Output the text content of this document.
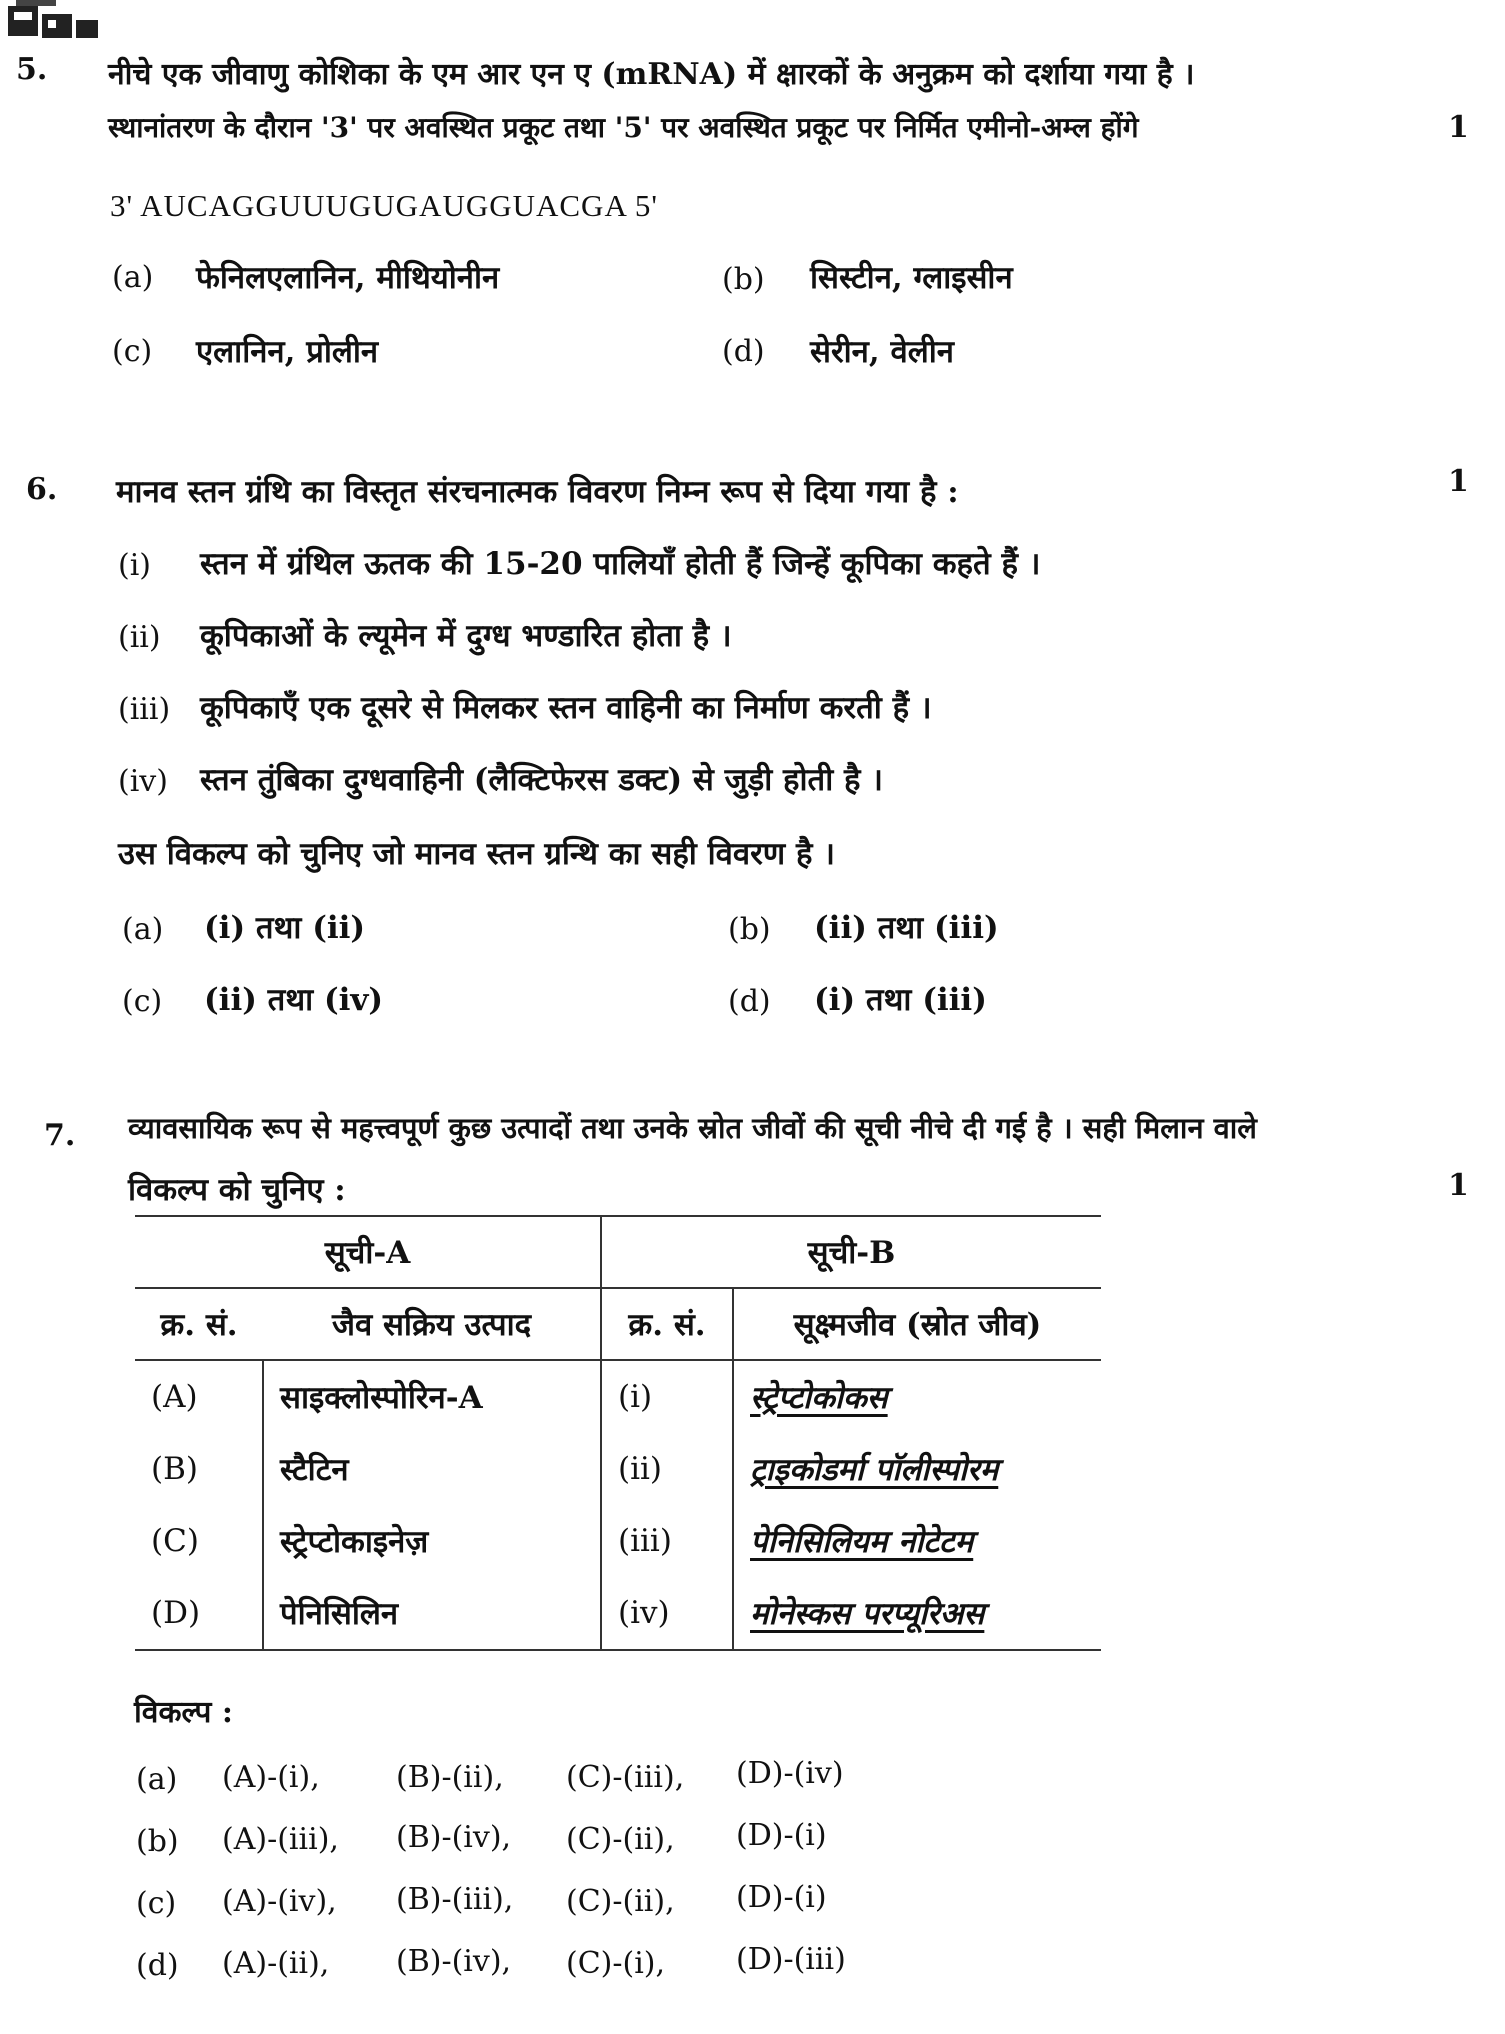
5. नीचे एक जीवाणु कोशिका के एम आर एन ए (mRNA) में क्षारकों के अनुक्रम को दर्शाया गया है ।
स्थानांतरण के दौरान '3' पर अवस्थित प्रकूट तथा '5' पर अवस्थित प्रकूट पर निर्मित एमीनो-अम्ल होंगे	1
3' AUCAGGUUUGUGAUGGUACGA 5'
(a) फेनिलएलानिन, मीथियोनीन	(b) सिस्टीन, ग्लाइसीन
(c) एलानिन, प्रोलीन	(d) सेरीन, वेलीन
6. मानव स्तन ग्रंथि का विस्तृत संरचनात्मक विवरण निम्न रूप से दिया गया है :	1
(i) स्तन में ग्रंथिल ऊतक की 15-20 पालियाँ होती हैं जिन्हें कूपिका कहते हैं ।
(ii) कूपिकाओं के ल्यूमेन में दुग्ध भण्डारित होता है ।
(iii) कूपिकाएँ एक दूसरे से मिलकर स्तन वाहिनी का निर्माण करती हैं ।
(iv) स्तन तुंबिका दुग्धवाहिनी (लैक्टिफेरस डक्ट) से जुड़ी होती है ।
उस विकल्प को चुनिए जो मानव स्तन ग्रन्थि का सही विवरण है ।
(a) (i) तथा (ii)	(b) (ii) तथा (iii)
(c) (ii) तथा (iv)	(d) (i) तथा (iii)
7. व्यावसायिक रूप से महत्त्वपूर्ण कुछ उत्पादों तथा उनके स्रोत जीवों की सूची नीचे दी गई है । सही मिलान वाले
विकल्प को चुनिए :	1
सूची-A		सूची-B	
क्र. सं.	जैव सक्रिय उत्पाद	क्र. सं.	सूक्ष्मजीव (स्रोत जीव)
(A)	साइक्लोस्पोरिन-A	(i)	स्ट्रेप्टोकोकस
(B)	स्टैटिन	(ii)	ट्राइकोडर्मा पॉलीस्पोरम
(C)	स्ट्रेप्टोकाइनेज़	(iii)	पेनिसिलियम नोटेटम
(D)	पेनिसिलिन	(iv)	मोनेस्कस परप्यूरिअस
विकल्प :
(a) (A)-(i),	(B)-(ii), (C)-(iii), (D)-(iv)
(b) (A)-(iii), (B)-(iv), (C)-(ii), (D)-(i)
(c) (A)-(iv), (B)-(iii), (C)-(ii), (D)-(i)
(d) (A)-(ii), (B)-(iv), (C)-(i), (D)-(iii)
